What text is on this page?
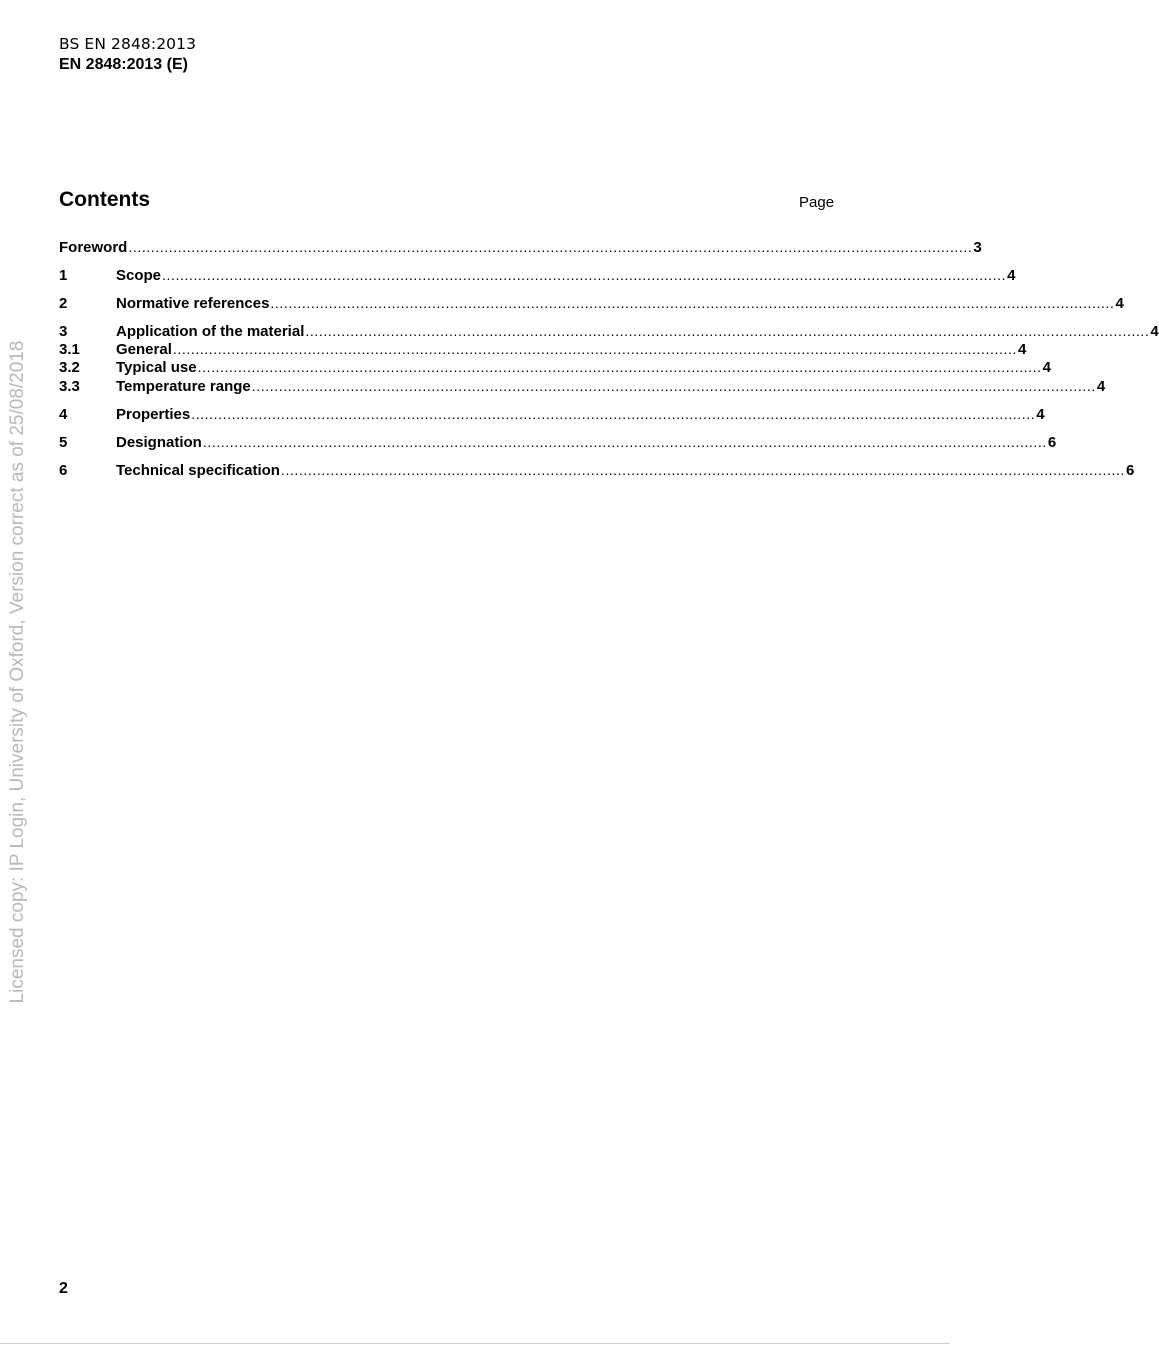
BS EN 2848:2013
EN 2848:2013 (E)
Contents	Page
Foreword ............................................................................................................................................................................................ 3
1	Scope ............................................................................................................................................................................................ 4
2	Normative references ............................................................................................................................................................................................ 4
3	Application of the material ............................................................................................................................................................................................ 4
3.1	General ............................................................................................................................................................................................ 4
3.2	Typical use ............................................................................................................................................................................................ 4
3.3	Temperature range ............................................................................................................................................................................................ 4
4	Properties ............................................................................................................................................................................................ 4
5	Designation ............................................................................................................................................................................................ 6
6	Technical specification ............................................................................................................................................................................................ 6
Licensed copy: IP Login, University of Oxford, Version correct as of 25/08/2018
2
